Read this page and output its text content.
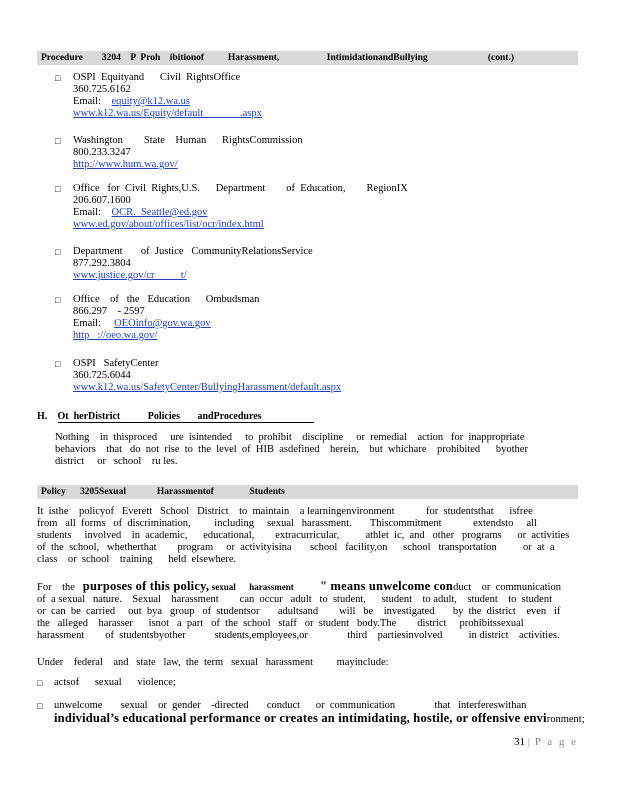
Procedure        3204    P  Proh    ibitionof          Harassment,                    IntimidationandBullying	(cont.)
□ OSPI  Equityand      Civil  RightsOffice
360.725.6162
Email:    equity@k12.wa.us
www.k12.wa.us/Equity/default              .aspx
□ Washington        State    Human      RightsCommission
800.233.3247
http://www.hum.wa.gov/
□ Office   for  Civil  Rights,U.S.      Department        of  Education,        RegionIX
206.607.1600
Email:    OCR.  Seattle@ed.gov
www.ed.gov/about/offices/list/ocr/index.html
□ Department       of  Justice   CommunityRelationsService
877.292.3804
www.justice.gov/cr          t/
□ Office    of   the   Education      Ombudsman
866.297    - 2597
Email:     OEOinfo@gov.wa.gov
http   ://oeo.wa.gov/
□ OSPI   SafetyCenter
360.725.6044
www.k12.wa.us/SafetyCenter/BullyingHarassment/default.aspx
H. Ot  herDistrict           Policies       andProcedures
Nothing    in  thisproced     ure  isintended     to  prohibit    discipline     or  remedial    action   for  inappropriate
behaviors    that   do  not  rise  to  the  level  of  HIB  asdefined    herein,    but  whichare    prohibited      byother
district     or   school    ru les.
Policy      3205Sexual             Harassmentof               Students
It  isthe    policyof   Everett   School   District    to  maintain    a learningenvironment            for  studentsthat      isfree
from   all  forms   of  discrimination,         including     sexual   harassment.       Thiscommitment            extendsto     all
students     involved    in  academic,      educational,        extracurricular,          athlet  ic,  and   other   programs      or  activities
of  the  school,   whetherthat        program     or  activityisina       school   facility,on      school   transportation          or  at  a
class    or  school    training      held  elsewhere.
For    the purposes of this policy, sexual      harassment " means unwelcome conduct    or  communication
of  a sexual   nature.    Sexual    harassment        can  occur   adult   to  student,      student    to adult,    student    to  student
or  can  be  carried     out  bya   group   of  studentsor       adultsand        will   be    investigated       by  the  district    even   if
the   alleged    harasser      isnot   a  part   of  the  school   staff   or  student   body.The        district     prohibitssexual
harassment        of  studentsbyother           students,employees,or               third    partiesinvolved          in district    activities.
Under    federal    and   state   law,  the  term   sexual   harassment         mayinclude:
□ actsof      sexual      violence;
□ unwelcome       sexual    or  gender    -directed       conduct      or  communication               that   interfereswithan
individual’s educational performance or creates an intimidating, hostile, or offensive environment;
31 | P a g e
